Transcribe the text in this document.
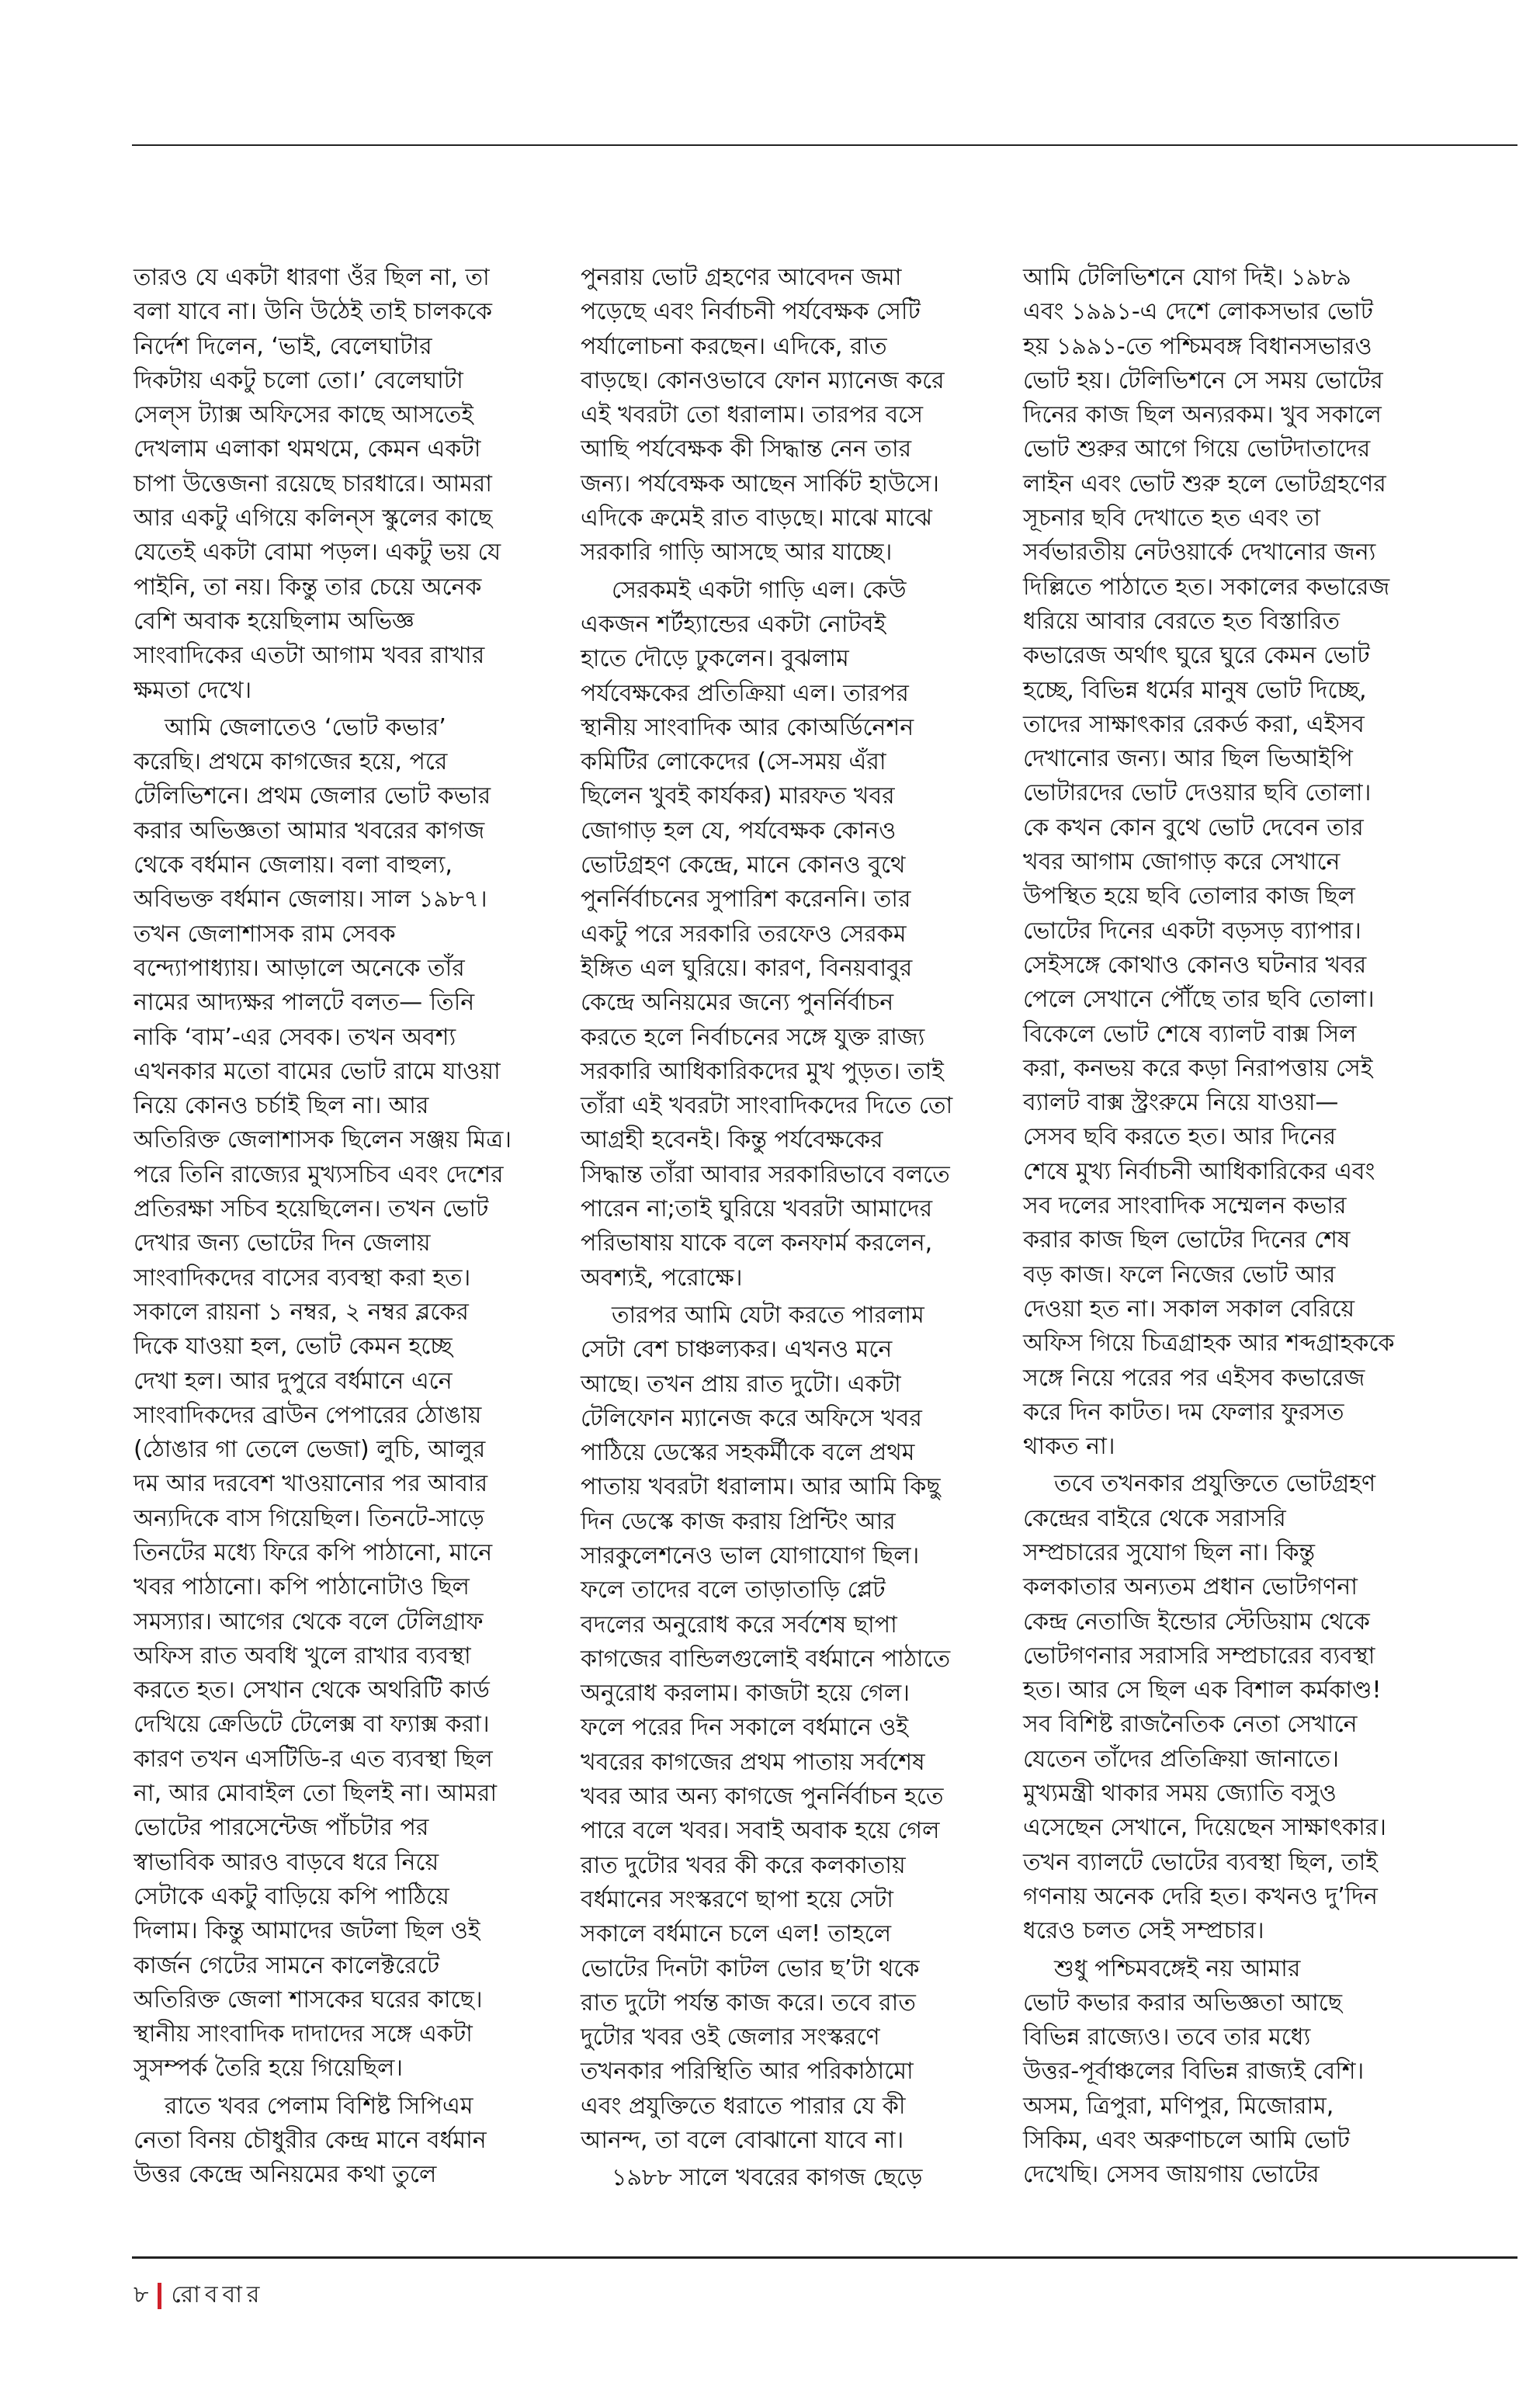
তারও যে একটা ধারণা ওঁর ছিল না, তা
বলা যাবে না। উনি উঠেই তাই চালককে
নির্দেশ দিলেন, ‘ভাই, বেলেঘাটার
দিকটায় একটু চলো তো।’ বেলেঘাটা
সেল্‌স ট্যাক্স অফিসের কাছে আসতেই
দেখলাম এলাকা থমথমে, কেমন একটা
চাপা উত্তেজনা রয়েছে চারধারে। আমরা
আর একটু এগিয়ে কলিন্‌স স্কুলের কাছে
যেতেই একটা বোমা পড়ল। একটু ভয় যে
পাইনি, তা নয়। কিন্তু তার চেয়ে অনেক
বেশি অবাক হয়েছিলাম অভিজ্ঞ
সাংবাদিকের এতটা আগাম খবর রাখার
ক্ষমতা দেখে।
আমি জেলাতেও ‘ভোট কভার’
করেছি। প্রথমে কাগজের হয়ে, পরে
টেলিভিশনে। প্রথম জেলার ভোট কভার
করার অভিজ্ঞতা আমার খবরের কাগজ
থেকে বর্ধমান জেলায়। বলা বাহুল্য,
অবিভক্ত বর্ধমান জেলায়। সাল ১৯৮৭।
তখন জেলাশাসক রাম সেবক
বন্দ্যোপাধ্যায়। আড়ালে অনেকে তাঁর
নামের আদ্যক্ষর পালটে বলত— তিনি
নাকি ‘বাম’-এর সেবক। তখন অবশ্য
এখনকার মতো বামের ভোট রামে যাওয়া
নিয়ে কোনও চর্চাই ছিল না। আর
অতিরিক্ত জেলাশাসক ছিলেন সঞ্জয় মিত্র।
পরে তিনি রাজ্যের মুখ্যসচিব এবং দেশের
প্রতিরক্ষা সচিব হয়েছিলেন। তখন ভোট
দেখার জন্য ভোটের দিন জেলায়
সাংবাদিকদের বাসের ব্যবস্থা করা হত।
সকালে রায়না ১ নম্বর, ২ নম্বর ব্লকের
দিকে যাওয়া হল, ভোট কেমন হচ্ছে
দেখা হল। আর দুপুরে বর্ধমানে এনে
সাংবাদিকদের ব্রাউন পেপারের ঠোঙায়
(ঠোঙার গা তেলে ভেজা) লুচি, আলুর
দম আর দরবেশ খাওয়ানোর পর আবার
অন্যদিকে বাস গিয়েছিল। তিনটে-সাড়ে
তিনটের মধ্যে ফিরে কপি পাঠানো, মানে
খবর পাঠানো। কপি পাঠানোটাও ছিল
সমস্যার। আগের থেকে বলে টেলিগ্রাফ
অফিস রাত অবধি খুলে রাখার ব্যবস্থা
করতে হত। সেখান থেকে অথরিটি কার্ড
দেখিয়ে ক্রেডিটে টেলেক্স বা ফ্যাক্স করা।
কারণ তখন এসটিডি-র এত ব্যবস্থা ছিল
না, আর মোবাইল তো ছিলই না। আমরা
ভোটের পারসেন্টেজ পাঁচটার পর
স্বাভাবিক আরও বাড়বে ধরে নিয়ে
সেটাকে একটু বাড়িয়ে কপি পাঠিয়ে
দিলাম। কিন্তু আমাদের জটলা ছিল ওই
কার্জন গেটের সামনে কালেক্টরেটে
অতিরিক্ত জেলা শাসকের ঘরের কাছে।
স্থানীয় সাংবাদিক দাদাদের সঙ্গে একটা
সুসম্পর্ক তৈরি হয়ে গিয়েছিল।
রাতে খবর পেলাম বিশিষ্ট সিপিএম
নেতা বিনয় চৌধুরীর কেন্দ্র মানে বর্ধমান
উত্তর কেন্দ্রে অনিয়মের কথা তুলে
পুনরায় ভোট গ্রহণের আবেদন জমা
পড়েছে এবং নির্বাচনী পর্যবেক্ষক সেটি
পর্যালোচনা করছেন। এদিকে, রাত
বাড়ছে। কোনওভাবে ফোন ম্যানেজ করে
এই খবরটা তো ধরালাম। তারপর বসে
আছি পর্যবেক্ষক কী সিদ্ধান্ত নেন তার
জন্য। পর্যবেক্ষক আছেন সার্কিট হাউসে।
এদিকে ক্রমেই রাত বাড়ছে। মাঝে মাঝে
সরকারি গাড়ি আসছে আর যাচ্ছে।
সেরকমই একটা গাড়ি এল। কেউ
একজন শর্টহ্যান্ডের একটা নোটবই
হাতে দৌড়ে ঢুকলেন। বুঝলাম
পর্যবেক্ষকের প্রতিক্রিয়া এল। তারপর
স্থানীয় সাংবাদিক আর কোঅর্ডিনেশন
কমিটির লোকেদের (সে-সময় এঁরা
ছিলেন খুবই কার্যকর) মারফত খবর
জোগাড় হল যে, পর্যবেক্ষক কোনও
ভোটগ্রহণ কেন্দ্রে, মানে কোনও বুথে
পুনর্নির্বাচনের সুপারিশ করেননি। তার
একটু পরে সরকারি তরফেও সেরকম
ইঙ্গিত এল ঘুরিয়ে। কারণ, বিনয়বাবুর
কেন্দ্রে অনিয়মের জন্যে পুনর্নির্বাচন
করতে হলে নির্বাচনের সঙ্গে যুক্ত রাজ্য
সরকারি আধিকারিকদের মুখ পুড়ত। তাই
তাঁরা এই খবরটা সাংবাদিকদের দিতে তো
আগ্রহী হবেনই। কিন্তু পর্যবেক্ষকের
সিদ্ধান্ত তাঁরা আবার সরকারিভাবে বলতে
পারেন না;তাই ঘুরিয়ে খবরটা আমাদের
পরিভাষায় যাকে বলে কনফার্ম করলেন,
অবশ্যই, পরোক্ষে।
তারপর আমি যেটা করতে পারলাম
সেটা বেশ চাঞ্চল্যকর। এখনও মনে
আছে। তখন প্রায় রাত দুটো। একটা
টেলিফোন ম্যানেজ করে অফিসে খবর
পাঠিয়ে ডেস্কের সহকর্মীকে বলে প্রথম
পাতায় খবরটা ধরালাম। আর আমি কিছু
দিন ডেস্কে কাজ করায় প্রিন্টিং আর
সারকুলেশনেও ভাল যোগাযোগ ছিল।
ফলে তাদের বলে তাড়াতাড়ি প্লেট
বদলের অনুরোধ করে সর্বশেষ ছাপা
কাগজের বান্ডিলগুলোই বর্ধমানে পাঠাতে
অনুরোধ করলাম। কাজটা হয়ে গেল।
ফলে পরের দিন সকালে বর্ধমানে ওই
খবরের কাগজের প্রথম পাতায় সর্বশেষ
খবর আর অন্য কাগজে পুনর্নির্বাচন হতে
পারে বলে খবর। সবাই অবাক হয়ে গেল
রাত দুটোর খবর কী করে কলকাতায়
বর্ধমানের সংস্করণে ছাপা হয়ে সেটা
সকালে বর্ধমানে চলে এল! তাহলে
ভোটের দিনটা কাটল ভোর ছ’টা থকে
রাত দুটো পর্যন্ত কাজ করে। তবে রাত
দুটোর খবর ওই জেলার সংস্করণে
তখনকার পরিস্থিতি আর পরিকাঠামো
এবং প্রযুক্তিতে ধরাতে পারার যে কী
আনন্দ, তা বলে বোঝানো যাবে না।
১৯৮৮ সালে খবরের কাগজ ছেড়ে
আমি টেলিভিশনে যোগ দিই। ১৯৮৯
এবং ১৯৯১-এ দেশে লোকসভার ভোট
হয় ১৯৯১-তে পশ্চিমবঙ্গ বিধানসভারও
ভোট হয়। টেলিভিশনে সে সময় ভোটের
দিনের কাজ ছিল অন্যরকম। খুব সকালে
ভোট শুরুর আগে গিয়ে ভোটদাতাদের
লাইন এবং ভোট শুরু হলে ভোটগ্রহণের
সূচনার ছবি দেখাতে হত এবং তা
সর্বভারতীয় নেটওয়ার্কে দেখানোর জন্য
দিল্লিতে পাঠাতে হত। সকালের কভারেজ
ধরিয়ে আবার বেরতে হত বিস্তারিত
কভারেজ অর্থাৎ ঘুরে ঘুরে কেমন ভোট
হচ্ছে, বিভিন্ন ধর্মের মানুষ ভোট দিচ্ছে,
তাদের সাক্ষাৎকার রেকর্ড করা, এইসব
দেখানোর জন্য। আর ছিল ভিআইপি
ভোটারদের ভোট দেওয়ার ছবি তোলা।
কে কখন কোন বুথে ভোট দেবেন তার
খবর আগাম জোগাড় করে সেখানে
উপস্থিত হয়ে ছবি তোলার কাজ ছিল
ভোটের দিনের একটা বড়সড় ব্যাপার।
সেইসঙ্গে কোথাও কোনও ঘটনার খবর
পেলে সেখানে পৌঁছে তার ছবি তোলা।
বিকেলে ভোট শেষে ব্যালট বাক্স সিল
করা, কনভয় করে কড়া নিরাপত্তায় সেই
ব্যালট বাক্স স্ট্রংরুমে নিয়ে যাওয়া—
সেসব ছবি করতে হত। আর দিনের
শেষে মুখ্য নির্বাচনী আধিকারিকের এবং
সব দলের সাংবাদিক সম্মেলন কভার
করার কাজ ছিল ভোটের দিনের শেষ
বড় কাজ। ফলে নিজের ভোট আর
দেওয়া হত না। সকাল সকাল বেরিয়ে
অফিস গিয়ে চিত্রগ্রাহক আর শব্দগ্রাহককে
সঙ্গে নিয়ে পরের পর এইসব কভারেজ
করে দিন কাটত। দম ফেলার ফুরসত
থাকত না।
তবে তখনকার প্রযুক্তিতে ভোটগ্রহণ
কেন্দ্রের বাইরে থেকে সরাসরি
সম্প্রচারের সুযোগ ছিল না। কিন্তু
কলকাতার অন্যতম প্রধান ভোটগণনা
কেন্দ্র নেতাজি ইন্ডোর স্টেডিয়াম থেকে
ভোটগণনার সরাসরি সম্প্রচারের ব্যবস্থা
হত। আর সে ছিল এক বিশাল কর্মকাণ্ড!
সব বিশিষ্ট রাজনৈতিক নেতা সেখানে
যেতেন তাঁদের প্রতিক্রিয়া জানাতে।
মুখ্যমন্ত্রী থাকার সময় জ্যোতি বসুও
এসেছেন সেখানে, দিয়েছেন সাক্ষাৎকার।
তখন ব্যালটে ভোটের ব্যবস্থা ছিল, তাই
গণনায় অনেক দেরি হত। কখনও দু’দিন
ধরেও চলত সেই সম্প্রচার।
শুধু পশ্চিমবঙ্গেই নয় আমার
ভোট কভার করার অভিজ্ঞতা আছে
বিভিন্ন রাজ্যেও। তবে তার মধ্যে
উত্তর-পূর্বাঞ্চলের বিভিন্ন রাজ্যই বেশি।
অসম, ত্রিপুরা, মণিপুর, মিজোরাম,
সিকিম, এবং অরুণাচলে আমি ভোট
দেখেছি। সেসব জায়গায় ভোটের
৮ রোববার
